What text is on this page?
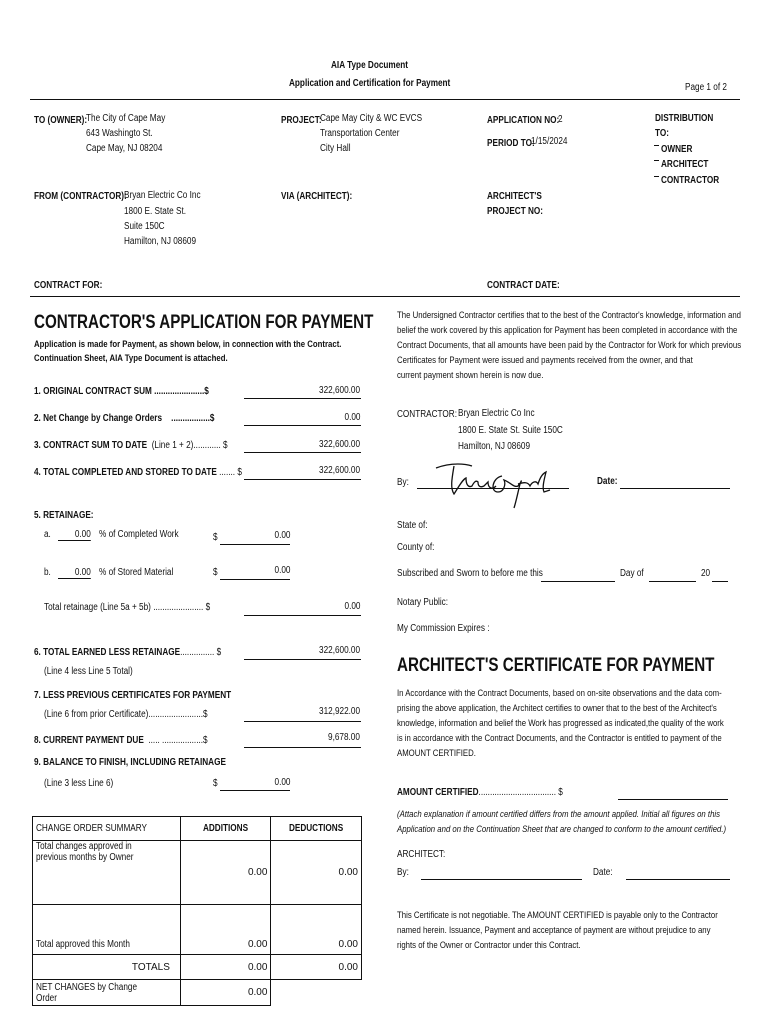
AIA Type Document
Application and Certification for Payment	Page 1 of 2
TO (OWNER):
The City of Cape May
643 Washingto St.
Cape May, NJ 08204
PROJECT:
Cape May City & WC EVCS
Transportation Center
City Hall
APPLICATION NO:
2
PERIOD TO:
1/15/2024
DISTRIBUTION
TO:
OWNER
ARCHITECT
CONTRACTOR
FROM (CONTRACTOR):
Bryan Electric Co Inc
1800 E. State St.
Suite 150C
Hamilton, NJ 08609
VIA (ARCHITECT):	ARCHITECT'S
PROJECT NO:
CONTRACT FOR:	CONTRACT DATE:
CONTRACTOR'S APPLICATION FOR PAYMENT
Application is made for Payment, as shown below, in connection with the Contract.
Continuation Sheet, AIA Type Document is attached.
1. ORIGINAL CONTRACT SUM ......................$	322,600.00
2. Net Change by Change Orders .................$	0.00
3. CONTRACT SUM TO DATE (Line 1 + 2)............ $	322,600.00
4. TOTAL COMPLETED AND STORED TO DATE ....... $	322,600.00
5. RETAINAGE:
a.	0.00 % of Completed Work	$	0.00
b.	0.00 % of Stored Material	$	0.00
Total retainage (Line 5a + 5b) ...................... $	0.00
6. TOTAL EARNED LESS RETAINAGE............... $	322,600.00
(Line 4 less Line 5 Total)
7. LESS PREVIOUS CERTIFICATES FOR PAYMENT
(Line 6 from prior Certificate)........................$	312,922.00
8. CURRENT PAYMENT DUE ..... ..................$	9,678.00
9. BALANCE TO FINISH, INCLUDING RETAINAGE
(Line 3 less Line 6)	$	0.00
CHANGE ORDER SUMMARY	ADDITIONS	DEDUCTIONS

Total changes approved in
previous months by Owner	0.00	0.00
Total approved this Month	0.00	0.00
TOTALS	0.00	0.00
NET CHANGES by Change Order	0.00	
The Undersigned Contractor certifies that to the best of the Contractor's knowledge, information and
belief the work covered by this application for Payment has been completed in accordance with the
Contract Documents, that all amounts have been paid by the Contractor for Work for which previous
Certificates for Payment were issued and payments received from the owner, and that
current payment shown herein is now due.
CONTRACTOR: Bryan Electric Co Inc
1800 E. State St. Suite 150C
Hamilton, NJ 08609
By:	Date:
State of:
County of:
Subscribed and Sworn to before me this	Day of	20
Notary Public:
My Commission Expires :
ARCHITECT'S CERTIFICATE FOR PAYMENT
In Accordance with the Contract Documents, based on on-site observations and the data com-
prising the above application, the Architect certifies to owner that to the best of the Architect's
knowledge, information and belief the Work has progressed as indicated,the quality of the work
is in accordance with the Contract Documents, and the Contractor is entitled to payment of the
AMOUNT CERTIFIED.
AMOUNT CERTIFIED.................................. $
(Attach explanation if amount certified differs from the amount applied. Initial all figures on this
Application and on the Continuation Sheet that are changed to conform to the amount certified.)
ARCHITECT:
By:	Date:
This Certificate is not negotiable. The AMOUNT CERTIFIED is payable only to the Contractor
named herein. Issuance, Payment and acceptance of payment are without prejudice to any
rights of the Owner or Contractor under this Contract.
